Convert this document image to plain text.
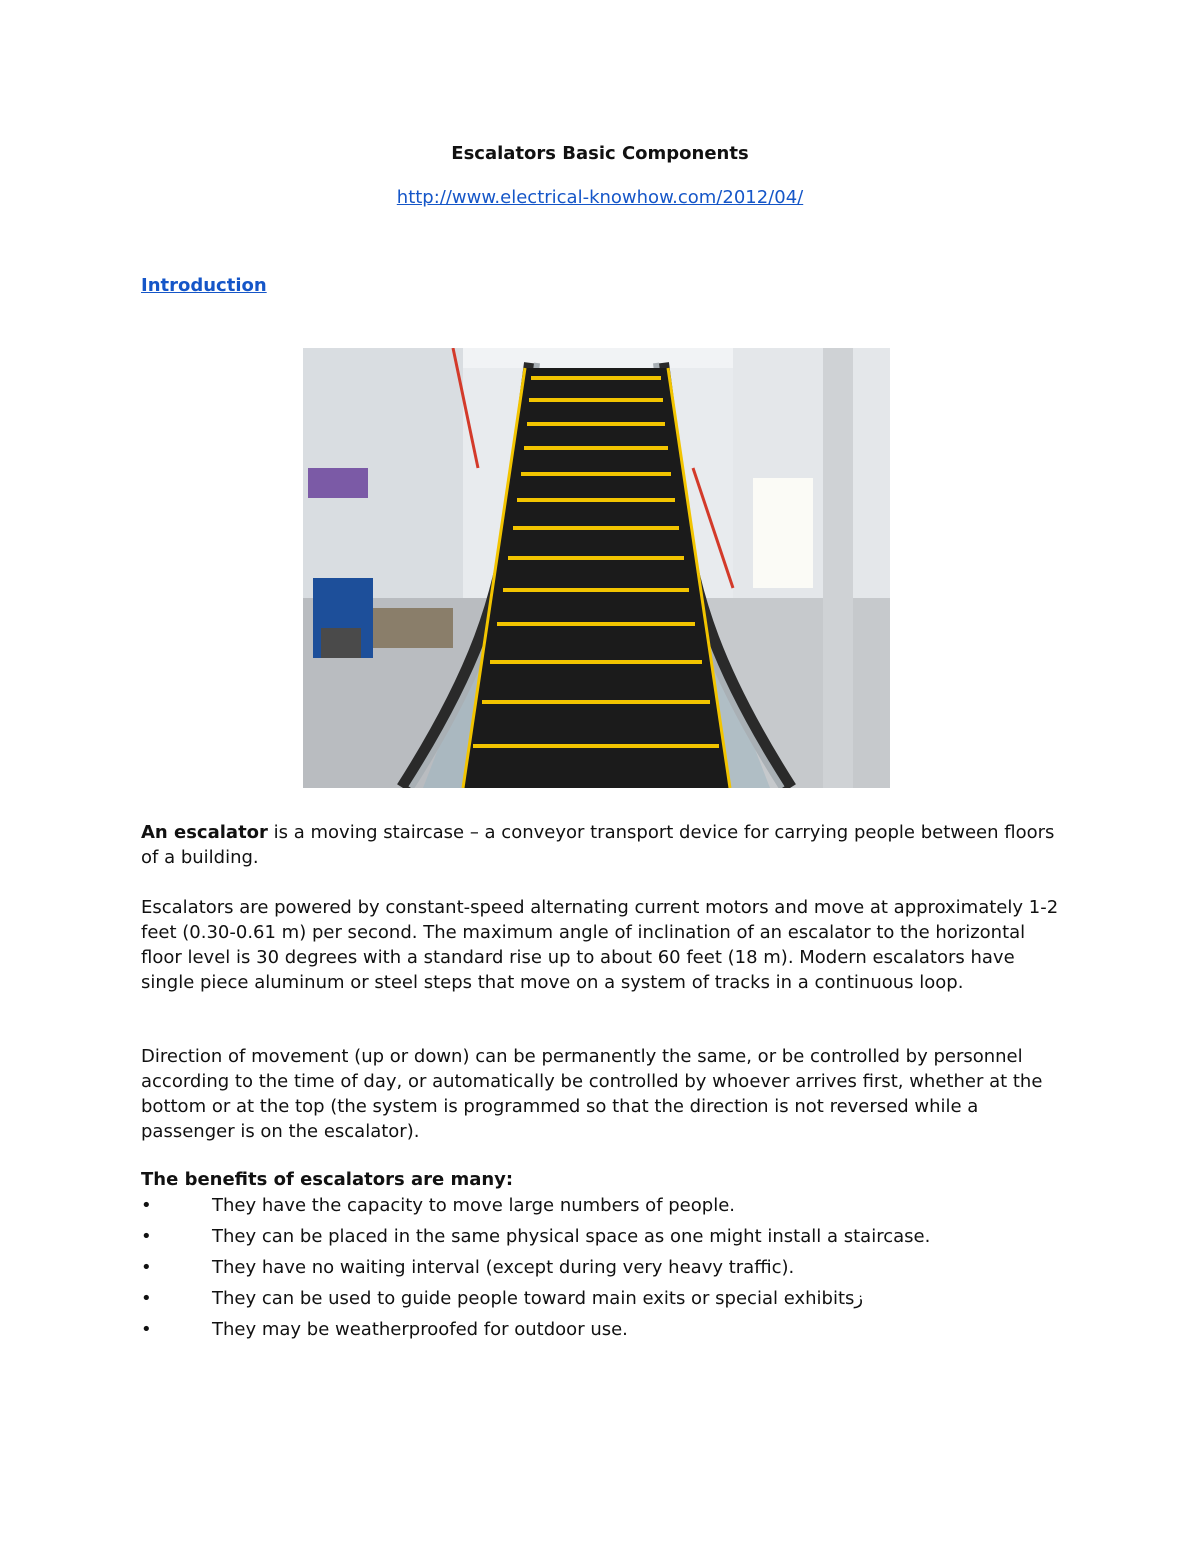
Escalators Basic Components
http://www.electrical-knowhow.com/2012/04/
Introduction
An escalator is a moving staircase – a conveyor transport device for carrying people between floors of a building.
Escalators are powered by constant-speed alternating current motors and move at approximately 1-2 feet (0.30-0.61 m) per second. The maximum angle of inclination of an escalator to the horizontal floor level is 30 degrees with a standard rise up to about 60 feet (18 m). Modern escalators have single piece aluminum or steel steps that move on a system of tracks in a continuous loop.
Direction of movement (up or down) can be permanently the same, or be controlled by personnel according to the time of day, or automatically be controlled by whoever arrives first, whether at the bottom or at the top (the system is programmed so that the direction is not reversed while a passenger is on the escalator).
The benefits of escalators are many:
•	They have the capacity to move large numbers of people.
•	They can be placed in the same physical space as one might install a staircase.
•	They have no waiting interval (except during very heavy traffic).
•	They can be used to guide people toward main exits or special exhibitsز
•	They may be weatherproofed for outdoor use.
